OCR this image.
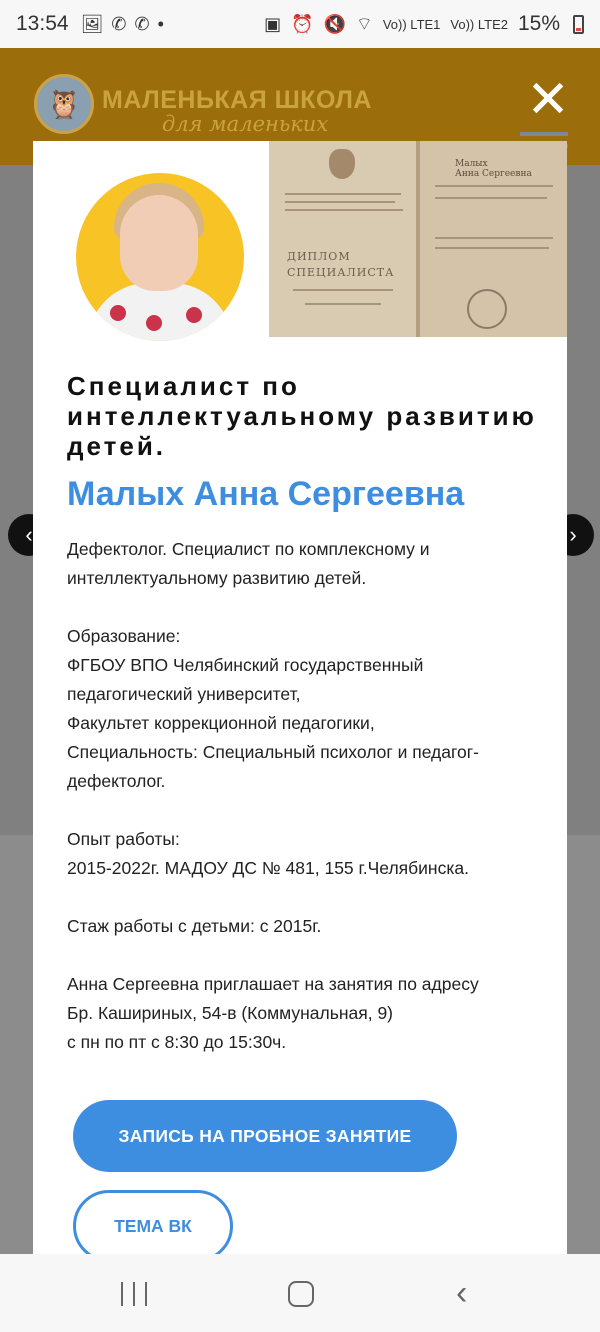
13:54 🖼 ✆ ✆ •	▣ ⏰ 🔇 ⌔ Vo)) LTE1 Vo)) LTE2 15%
🦉 МАЛЕНЬКАЯ ШКОЛА
для маленьких
‹	›
ДИПЛОМ СПЕЦИАЛИСТА
Малых
Анна Сергеевна
Специалист по интеллектуальному развитию детей.
Малых Анна Сергеевна

Дефектолог. Специалист по комплексному и
интеллектуальному развитию детей.

Образование:
ФГБОУ ВПО Челябинский государственный
педагогический университет,
Факультет коррекционной педагогики,
Специальность: Специальный психолог и педагог-
дефектолог.

Опыт работы:
2015-2022г. МАДОУ ДС № 481, 155 г.Челябинска.

Стаж работы с детьми: с 2015г.

Анна Сергеевна приглашает на занятия по адресу
Бр. Кашириных, 54-в (Коммунальная, 9)
с пн по пт с 8:30 до 15:30ч.

ЗАПИСЬ НА ПРОБНОЕ ЗАНЯТИЕ
ТЕМА ВК
✕
‹
